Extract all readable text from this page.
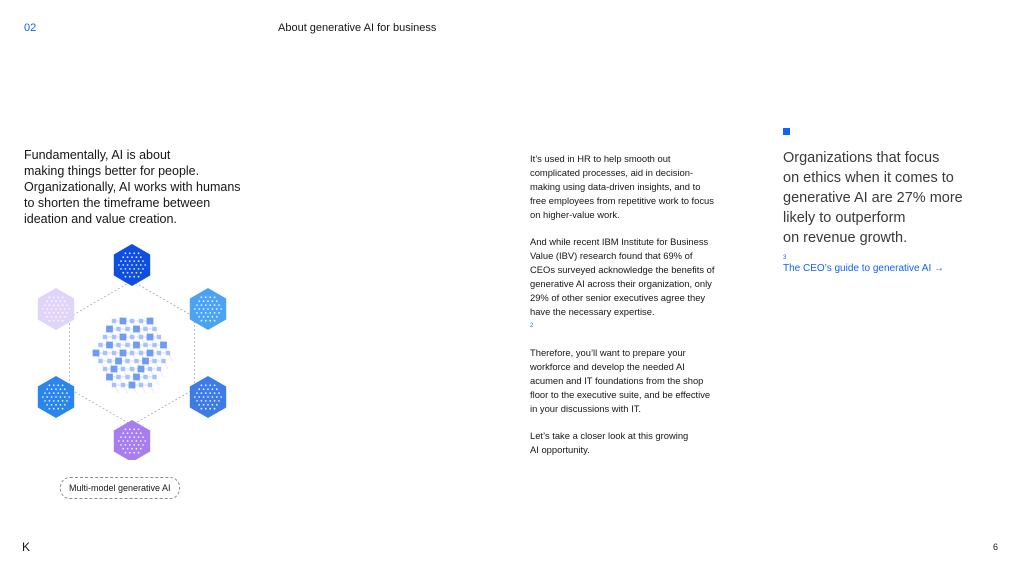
02	About generative AI for business

Fundamentally, AI is about
making things better for people.
Organizationally, AI works with humans
to shorten the timeframe between
ideation and value creation.

Multi-model generative AI

It’s used in HR to help smooth out
complicated processes, aid in decision-
making using data-driven insights, and to
free employees from repetitive work to focus
on higher-value work.

And while recent IBM Institute for Business
Value (IBV) research found that 69% of
CEOs surveyed acknowledge the benefits of
generative AI across their organization, only
29% of other senior executives agree they
have the necessary expertise.
2

Therefore, you’ll want to prepare your
workforce and develop the needed AI
acumen and IT foundations from the shop
floor to the executive suite, and be effective
in your discussions with IT.

Let’s take a closer look at this growing
AI opportunity.

Organizations that focus
on ethics when it comes to
generative AI are 27% more
likely to outperform
on revenue growth.
3

The CEO’s guide to generative AI →
K	6
